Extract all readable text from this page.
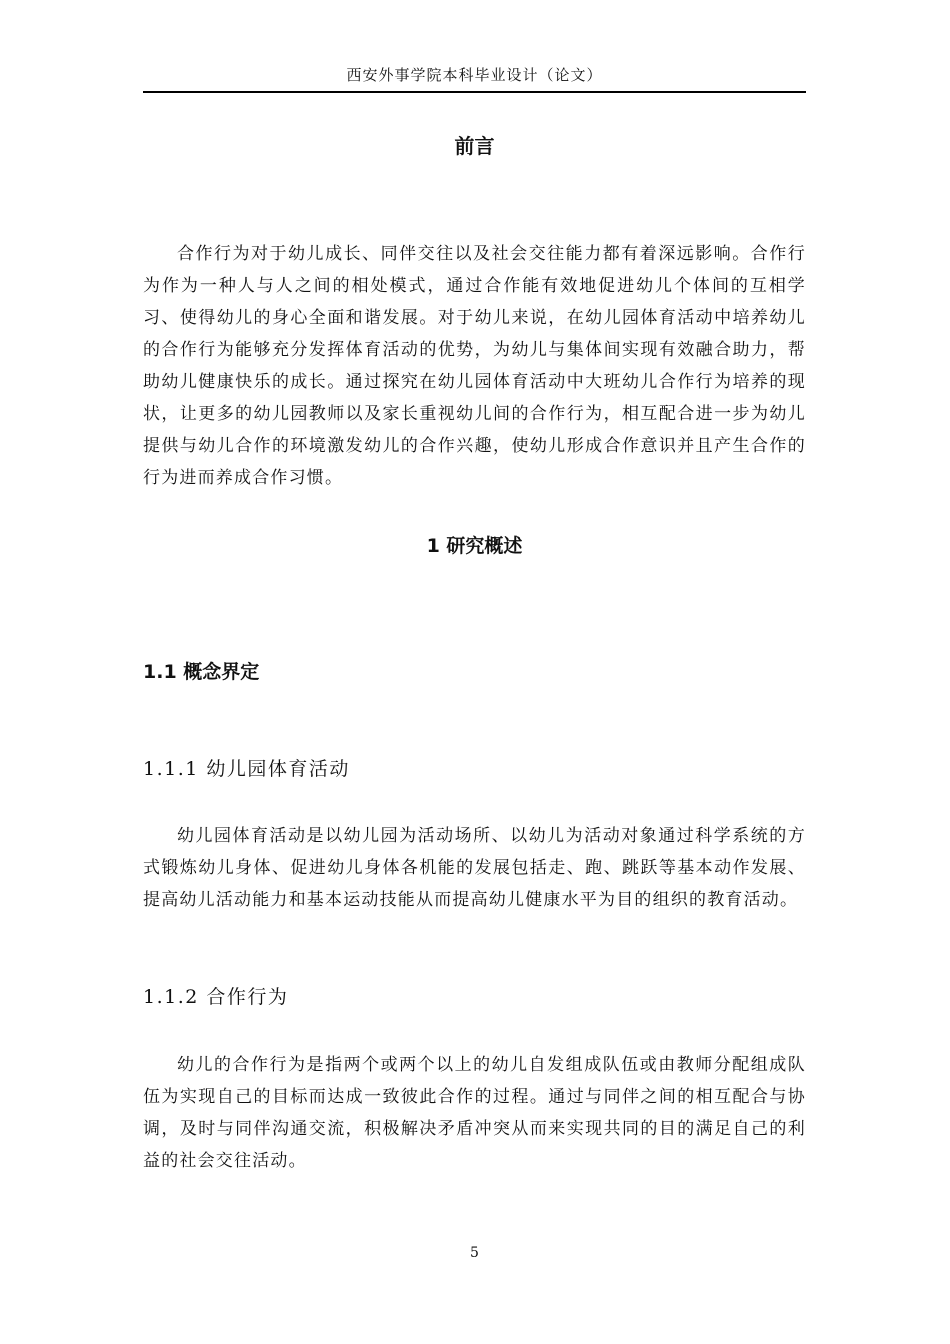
西安外事学院本科毕业设计（论文）
前言

合作行为对于幼儿成长、同伴交往以及社会交往能力都有着深远影响。合作行为作为一种人与人之间的相处模式，通过合作能有效地促进幼儿个体间的互相学习、使得幼儿的身心全面和谐发展。对于幼儿来说，在幼儿园体育活动中培养幼儿的合作行为能够充分发挥体育活动的优势，为幼儿与集体间实现有效融合助力，帮助幼儿健康快乐的成长。通过探究在幼儿园体育活动中大班幼儿合作行为培养的现状，让更多的幼儿园教师以及家长重视幼儿间的合作行为，相互配合进一步为幼儿提供与幼儿合作的环境激发幼儿的合作兴趣，使幼儿形成合作意识并且产生合作的行为进而养成合作习惯。

1 研究概述
1.1 概念界定
1.1.1 幼儿园体育活动

幼儿园体育活动是以幼儿园为活动场所、以幼儿为活动对象通过科学系统的方式锻炼幼儿身体、促进幼儿身体各机能的发展包括走、跑、跳跃等基本动作发展、提高幼儿活动能力和基本运动技能从而提高幼儿健康水平为目的组织的教育活动。

1.1.2 合作行为

幼儿的合作行为是指两个或两个以上的幼儿自发组成队伍或由教师分配组成队伍为实现自己的目标而达成一致彼此合作的过程。通过与同伴之间的相互配合与协调，及时与同伴沟通交流，积极解决矛盾冲突从而来实现共同的目的满足自己的利益的社会交往活动。

5
